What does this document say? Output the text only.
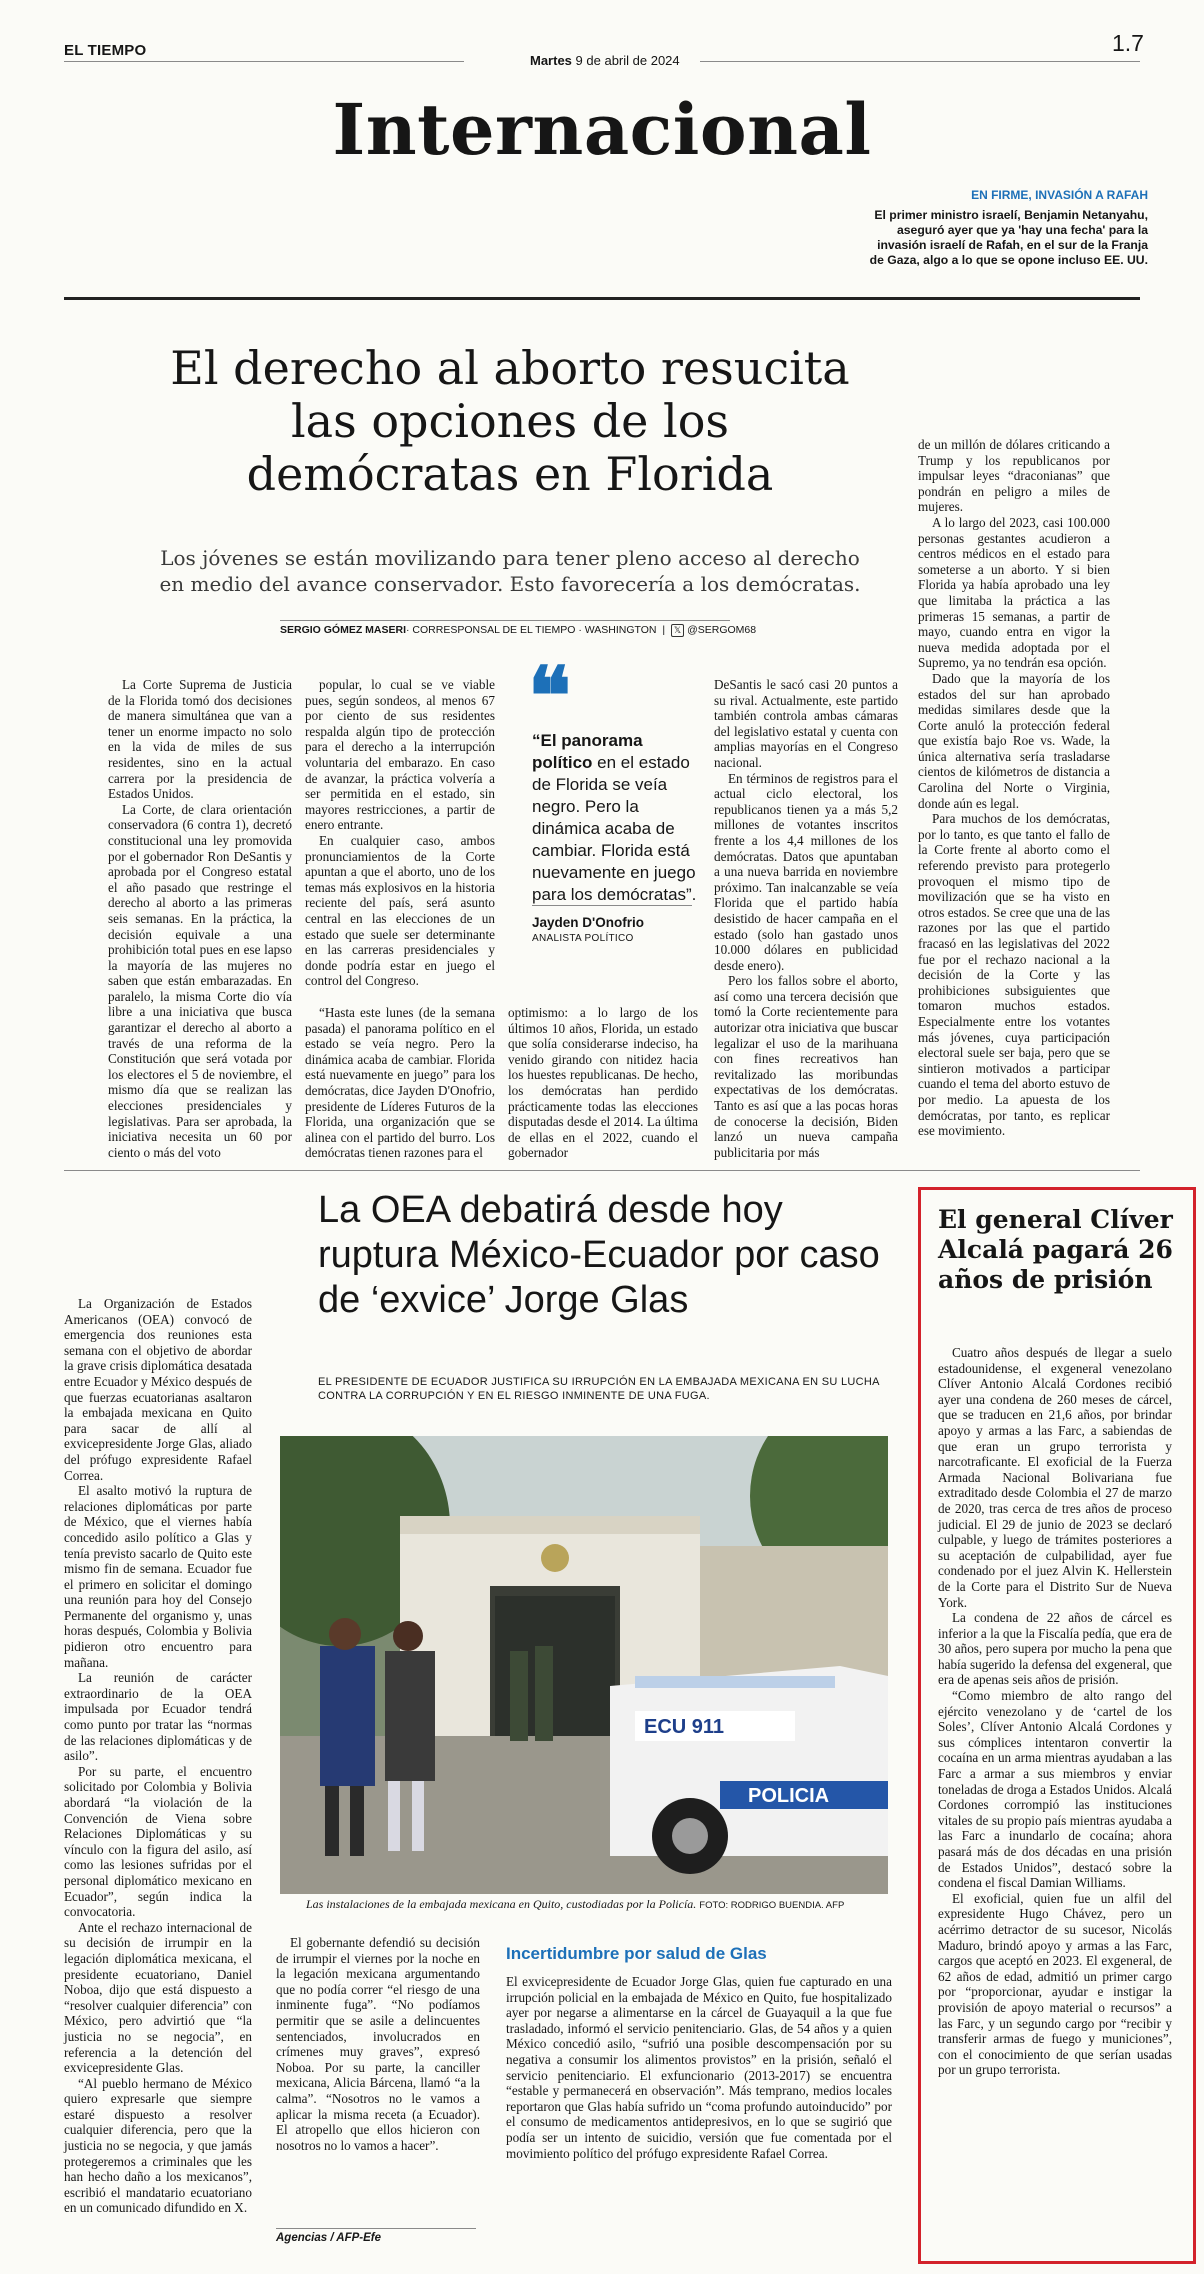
EL TIEMPO
Martes 9 de abril de 2024
1.7
Internacional
EN FIRME, INVASIÓN A RAFAH
El primer ministro israelí, Benjamin Netanyahu, aseguró ayer que ya 'hay una fecha' para la invasión israelí de Rafah, en el sur de la Franja de Gaza, algo a lo que se opone incluso EE. UU.
El derecho al aborto resucita las opciones de los demócratas en Florida
Los jóvenes se están movilizando para tener pleno acceso al derecho en medio del avance conservador. Esto favorecería a los demócratas.
SERGIO GÓMEZ MASERI· CORRESPONSAL DE EL TIEMPO · WASHINGTON  |  𝕏 @SERGOM68

La Corte Suprema de Justicia de la Florida tomó dos decisiones de manera simultánea que van a tener un enorme impacto no solo en la vida de miles de sus residentes, sino en la actual carrera por la presidencia de Estados Unidos.

La Corte, de clara orientación conservadora (6 contra 1), decretó constitucional una ley promovida por el gobernador Ron DeSantis y aprobada por el Congreso estatal el año pasado que restringe el derecho al aborto a las primeras seis semanas. En la práctica, la decisión equivale a una prohibición total pues en ese lapso la mayoría de las mujeres no saben que están embarazadas. En paralelo, la misma Corte dio vía libre a una iniciativa que busca garantizar el derecho al aborto a través de una reforma de la Constitución que será votada por los electores el 5 de noviembre, el mismo día que se realizan las elecciones presidenciales y legislativas. Para ser aprobada, la iniciativa necesita un 60 por ciento o más del voto

popular, lo cual se ve viable pues, según sondeos, al menos 67 por ciento de sus residentes respalda algún tipo de protección para el derecho a la interrupción voluntaria del embarazo. En caso de avanzar, la práctica volvería a ser permitida en el estado, sin mayores restricciones, a partir de enero entrante.

En cualquier caso, ambos pronunciamientos de la Corte apuntan a que el aborto, uno de los temas más explosivos en la historia reciente del país, será asunto central en las elecciones de un estado que suele ser determinante en las carreras presidenciales y donde podría estar en juego el control del Congreso.

“Hasta este lunes (de la semana pasada) el panorama político en el estado se veía negro. Pero la dinámica acaba de cambiar. Florida está nuevamente en juego” para los demócratas, dice Jayden D'Onofrio, presidente de Líderes Futuros de la Florida, una organización que se alinea con el partido del burro. Los demócratas tienen razones para el

optimismo: a lo largo de los últimos 10 años, Florida, un estado que solía considerarse indeciso, ha venido girando con nitidez hacia los huestes republicanas. De hecho, los demócratas han perdido prácticamente todas las elecciones disputadas desde el 2014. La última de ellas en el 2022, cuando el gobernador

DeSantis le sacó casi 20 puntos a su rival. Actualmente, este partido también controla ambas cámaras del legislativo estatal y cuenta con amplias mayorías en el Congreso nacional.

En términos de registros para el actual ciclo electoral, los republicanos tienen ya a más 5,2 millones de votantes inscritos frente a los 4,4 millones de los demócratas. Datos que apuntaban a una nueva barrida en noviembre próximo. Tan inalcanzable se veía Florida que el partido había desistido de hacer campaña en el estado (solo han gastado unos 10.000 dólares en publicidad desde enero).

Pero los fallos sobre el aborto, así como una tercera decisión que tomó la Corte recientemente para autorizar otra iniciativa que buscar legalizar el uso de la marihuana con fines recreativos han revitalizado las moribundas expectativas de los demócratas. Tanto es así que a las pocas horas de conocerse la decisión, Biden lanzó un nueva campaña publicitaria por más

de un millón de dólares criticando a Trump y los republicanos por impulsar leyes “draconianas” que pondrán en peligro a miles de mujeres.

A lo largo del 2023, casi 100.000 personas gestantes acudieron a centros médicos en el estado para someterse a un aborto. Y si bien Florida ya había aprobado una ley que limitaba la práctica a las primeras 15 semanas, a partir de mayo, cuando entra en vigor la nueva medida adoptada por el Supremo, ya no tendrán esa opción.

Dado que la mayoría de los estados del sur han aprobado medidas similares desde que la Corte anuló la protección federal que existía bajo Roe vs. Wade, la única alternativa sería trasladarse cientos de kilómetros de distancia a Carolina del Norte o Virginia, donde aún es legal.

Para muchos de los demócratas, por lo tanto, es que tanto el fallo de la Corte frente al aborto como el referendo previsto para protegerlo provoquen el mismo tipo de movilización que se ha visto en otros estados. Se cree que una de las razones por las que el partido fracasó en las legislativas del 2022 fue por el rechazo nacional a la decisión de la Corte y las prohibiciones subsiguientes que tomaron muchos estados. Especialmente entre los votantes más jóvenes, cuya participación electoral suele ser baja, pero que se sintieron motivados a participar cuando el tema del aborto estuvo de por medio. La apuesta de los demócratas, por tanto, es replicar ese movimiento.

❝
“El panorama político en el estado de Florida se veía negro. Pero la dinámica acaba de cambiar. Florida está nuevamente en juego para los demócratas”.
Jayden D'Onofrio
ANALISTA POLÍTICO
La OEA debatirá desde hoy ruptura México-Ecuador por caso de ‘exvice’ Jorge Glas
EL PRESIDENTE DE ECUADOR JUSTIFICA SU IRRUPCIÓN EN LA EMBAJADA MEXICANA EN SU LUCHA CONTRA LA CORRUPCIÓN Y EN EL RIESGO INMINENTE DE UNA FUGA.

La Organización de Estados Americanos (OEA) convocó de emergencia dos reuniones esta semana con el objetivo de abordar la grave crisis diplomática desatada entre Ecuador y México después de que fuerzas ecuatorianas asaltaron la embajada mexicana en Quito para sacar de allí al exvicepresidente Jorge Glas, aliado del prófugo expresidente Rafael Correa.

El asalto motivó la ruptura de relaciones diplomáticas por parte de México, que el viernes había concedido asilo político a Glas y tenía previsto sacarlo de Quito este mismo fin de semana. Ecuador fue el primero en solicitar el domingo una reunión para hoy del Consejo Permanente del organismo y, unas horas después, Colombia y Bolivia pidieron otro encuentro para mañana.

La reunión de carácter extraordinario de la OEA impulsada por Ecuador tendrá como punto por tratar las “normas de las relaciones diplomáticas y de asilo”.

Por su parte, el encuentro solicitado por Colombia y Bolivia abordará “la violación de la Convención de Viena sobre Relaciones Diplomáticas y su vínculo con la figura del asilo, así como las lesiones sufridas por el personal diplomático mexicano en Ecuador”, según indica la convocatoria.

Ante el rechazo internacional de su decisión de irrumpir en la legación diplomática mexicana, el presidente ecuatoriano, Daniel Noboa, dijo que está dispuesto a “resolver cualquier diferencia” con México, pero advirtió que “la justicia no se negocia”, en referencia a la detención del exvicepresidente Glas.

“Al pueblo hermano de México quiero expresarle que siempre estaré dispuesto a resolver cualquier diferencia, pero que la justicia no se negocia, y que jamás protegeremos a criminales que les han hecho daño a los mexicanos”, escribió el mandatario ecuatoriano en un comunicado difundido en X.

ECU 911
POLICIA
Las instalaciones de la embajada mexicana en Quito, custodiadas por la Policía. FOTO: RODRIGO BUENDIA. AFP

El gobernante defendió su decisión de irrumpir el viernes por la noche en la legación mexicana argumentando que no podía correr “el riesgo de una inminente fuga”. “No podíamos permitir que se asile a delincuentes sentenciados, involucrados en crímenes muy graves”, expresó Noboa. Por su parte, la canciller mexicana, Alicia Bárcena, llamó “a la calma”. “Nosotros no le vamos a aplicar la misma receta (a Ecuador). El atropello que ellos hicieron con nosotros no lo vamos a hacer”.

Agencias / AFP-Efe
Incertidumbre por salud de Glas
El exvicepresidente de Ecuador Jorge Glas, quien fue capturado en una irrupción policial en la embajada de México en Quito, fue hospitalizado ayer por negarse a alimentarse en la cárcel de Guayaquil a la que fue trasladado, informó el servicio penitenciario. Glas, de 54 años y a quien México concedió asilo, “sufrió una posible descompensación por su negativa a consumir los alimentos provistos” en la prisión, señaló el servicio penitenciario. El exfuncionario (2013-2017) se encuentra “estable y permanecerá en observación”. Más temprano, medios locales reportaron que Glas había sufrido un “coma profundo autoinducido” por el consumo de medicamentos antidepresivos, en lo que se sugirió que podía ser un intento de suicidio, versión que fue comentada por el movimiento político del prófugo expresidente Rafael Correa.
El general Clíver Alcalá pagará 26 años de prisión

Cuatro años después de llegar a suelo estadounidense, el exgeneral venezolano Clíver Antonio Alcalá Cordones recibió ayer una condena de 260 meses de cárcel, que se traducen en 21,6 años, por brindar apoyo y armas a las Farc, a sabiendas de que eran un grupo terrorista y narcotraficante. El exoficial de la Fuerza Armada Nacional Bolivariana fue extraditado desde Colombia el 27 de marzo de 2020, tras cerca de tres años de proceso judicial. El 29 de junio de 2023 se declaró culpable, y luego de trámites posteriores a su aceptación de culpabilidad, ayer fue condenado por el juez Alvin K. Hellerstein de la Corte para el Distrito Sur de Nueva York.

La condena de 22 años de cárcel es inferior a la que la Fiscalía pedía, que era de 30 años, pero supera por mucho la pena que había sugerido la defensa del exgeneral, que era de apenas seis años de prisión.

“Como miembro de alto rango del ejército venezolano y de ‘cartel de los Soles’, Clíver Antonio Alcalá Cordones y sus cómplices intentaron convertir la cocaína en un arma mientras ayudaban a las Farc a armar a sus miembros y enviar toneladas de droga a Estados Unidos. Alcalá Cordones corrompió las instituciones vitales de su propio país mientras ayudaba a las Farc a inundarlo de cocaína; ahora pasará más de dos décadas en una prisión de Estados Unidos”, destacó sobre la condena el fiscal Damian Williams.

El exoficial, quien fue un alfil del expresidente Hugo Chávez, pero un acérrimo detractor de su sucesor, Nicolás Maduro, brindó apoyo y armas a las Farc, cargos que aceptó en 2023. El exgeneral, de 62 años de edad, admitió un primer cargo por “proporcionar, ayudar e instigar la provisión de apoyo material o recursos” a las Farc, y un segundo cargo por “recibir y transferir armas de fuego y municiones”, con el conocimiento de que serían usadas por un grupo terrorista.
